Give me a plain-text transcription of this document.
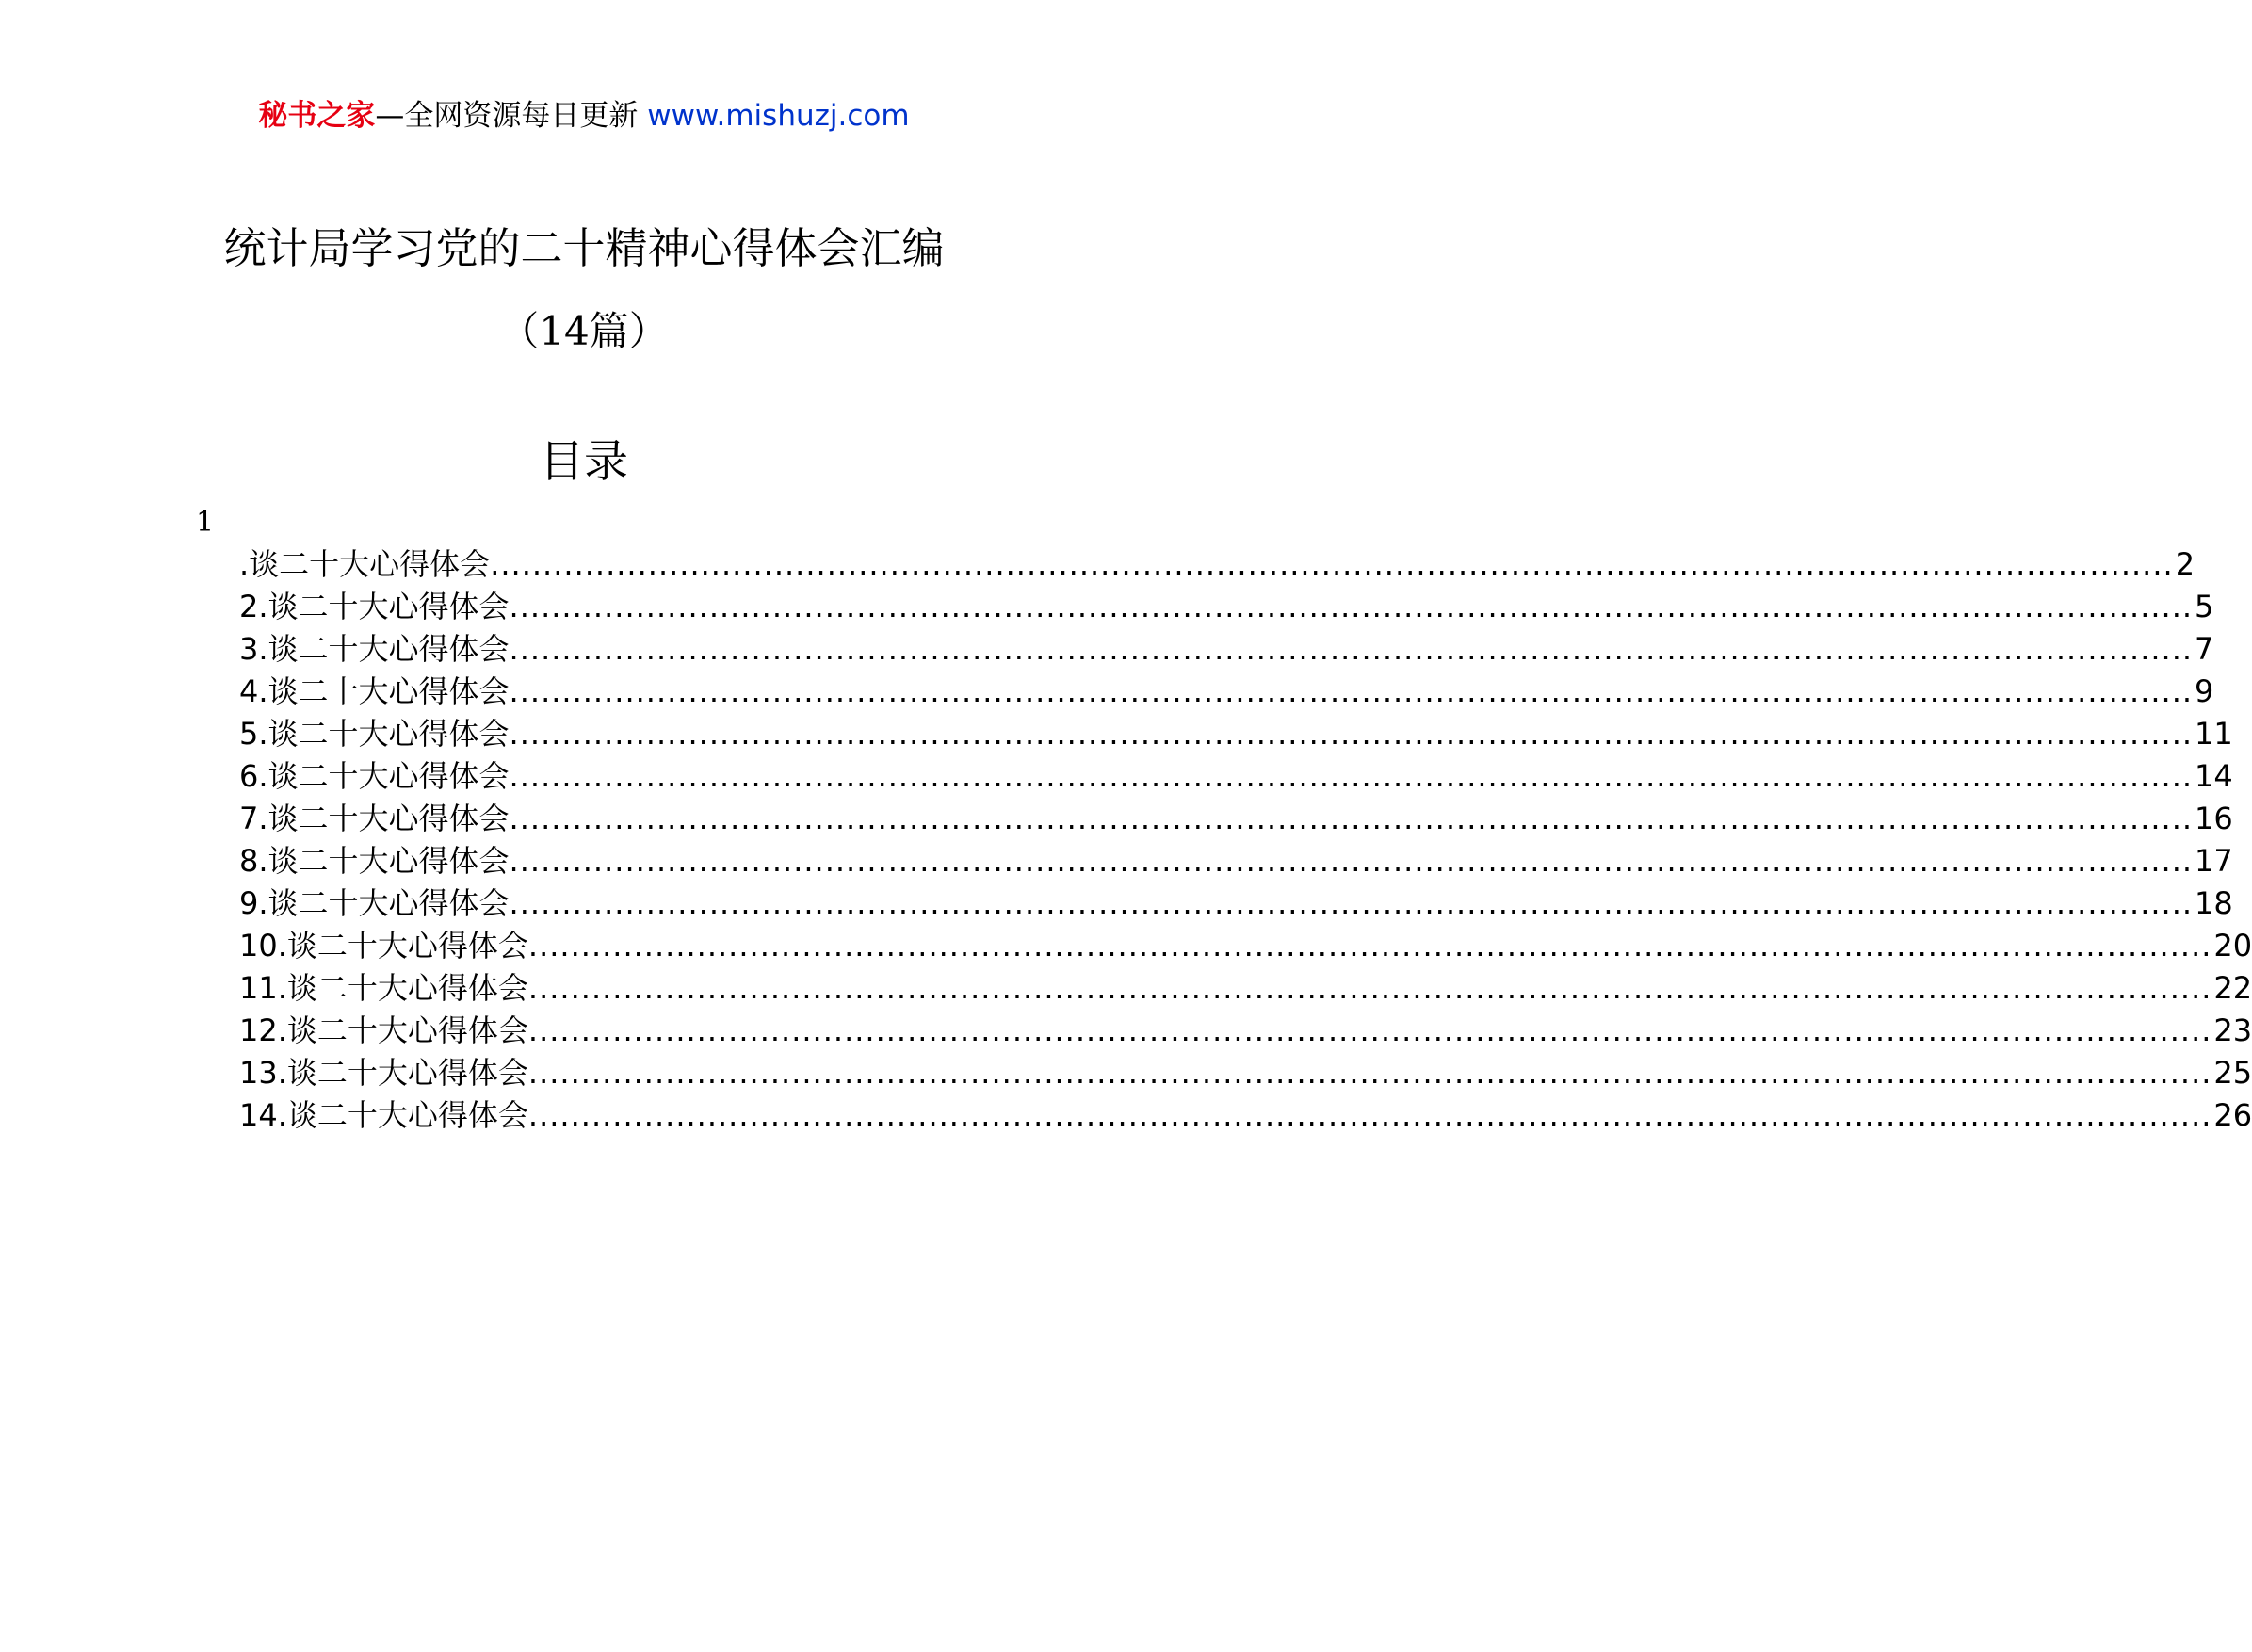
秘书之家—全网资源每日更新 www.mishuzj.com
统计局学习党的二十精神心得体会汇编
（14篇）
目录
1
.谈二十大心得体会 ................................................................................................................................................................ 2
2.谈二十大心得体会 ................................................................................................................................................................ 5
3.谈二十大心得体会 ................................................................................................................................................................ 7
4.谈二十大心得体会 ................................................................................................................................................................ 9
5.谈二十大心得体会 ................................................................................................................................................................ 11
6.谈二十大心得体会 ................................................................................................................................................................ 14
7.谈二十大心得体会 ................................................................................................................................................................ 16
8.谈二十大心得体会 ................................................................................................................................................................ 17
9.谈二十大心得体会 ................................................................................................................................................................ 18
10.谈二十大心得体会 ................................................................................................................................................................ 20
11.谈二十大心得体会 ................................................................................................................................................................ 22
12.谈二十大心得体会 ................................................................................................................................................................ 23
13.谈二十大心得体会 ................................................................................................................................................................ 25
14.谈二十大心得体会 ................................................................................................................................................................ 26
